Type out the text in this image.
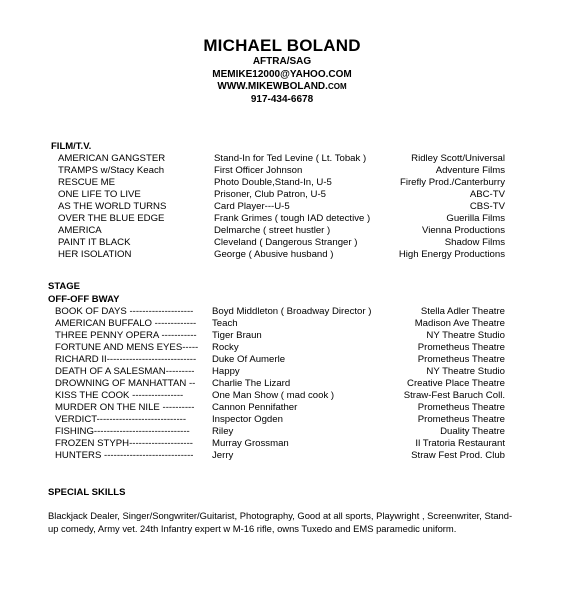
MICHAEL BOLAND
AFTRA/SAG
MEMIKE12000@YAHOO.COM
WWW.MIKEWBOLAND.COM
917-434-6678
FILM/T.V.
AMERICAN GANGSTER	Stand-In for Ted Levine ( Lt. Tobak )	Ridley Scott/Universal
TRAMPS w/Stacy Keach	First Officer Johnson	Adventure Films
RESCUE ME	Photo Double,Stand-In, U-5	Firefly Prod./Canterburry
ONE LIFE TO LIVE	Prisoner, Club Patron, U-5	ABC-TV
AS THE WORLD TURNS	Card Player---U-5	CBS-TV
OVER THE BLUE EDGE	Frank Grimes ( tough IAD detective )	Guerilla Films
AMERICA	Delmarche ( street hustler )	Vienna Productions
PAINT IT BLACK	Cleveland ( Dangerous Stranger )	Shadow Films
HER ISOLATION	George ( Abusive husband )	High Energy Productions
STAGE
OFF-OFF BWAY
BOOK OF DAYS -------------------- Boyd Middleton ( Broadway Director )	Stella Adler Theatre
AMERICAN BUFFALO ------------- Teach	Madison Ave Theatre
THREE PENNY OPERA ----------- Tiger Braun	NY Theatre Studio
FORTUNE AND MENS EYES----- Rocky	Prometheus Theatre
RICHARD II---------------------------- Duke Of Aumerle	Prometheus Theatre
DEATH OF A SALESMAN--------- Happy	NY Theatre Studio
DROWNING OF MANHATTAN -- Charlie The Lizard	Creative Place Theatre
KISS THE COOK ----------------	One Man Show ( mad cook )	Straw-Fest Baruch Coll.
MURDER ON THE NILE ---------- Cannon Pennifather	Prometheus Theatre
VERDICT----------------------------	Inspector Ogden	Prometheus Theatre
FISHING------------------------------ Riley	Duality Theatre
FROZEN STYPH-------------------- Murray Grossman	Il Tratoria Restaurant
HUNTERS ---------------------------- Jerry	Straw Fest Prod. Club
SPECIAL SKILLS
Blackjack Dealer, Singer/Songwriter/Guitarist, Photography, Good at all sports, Playwright , Screenwriter, Stand-up comedy, Army vet. 24th Infantry expert w M-16 rifle, owns Tuxedo and EMS paramedic uniform.
